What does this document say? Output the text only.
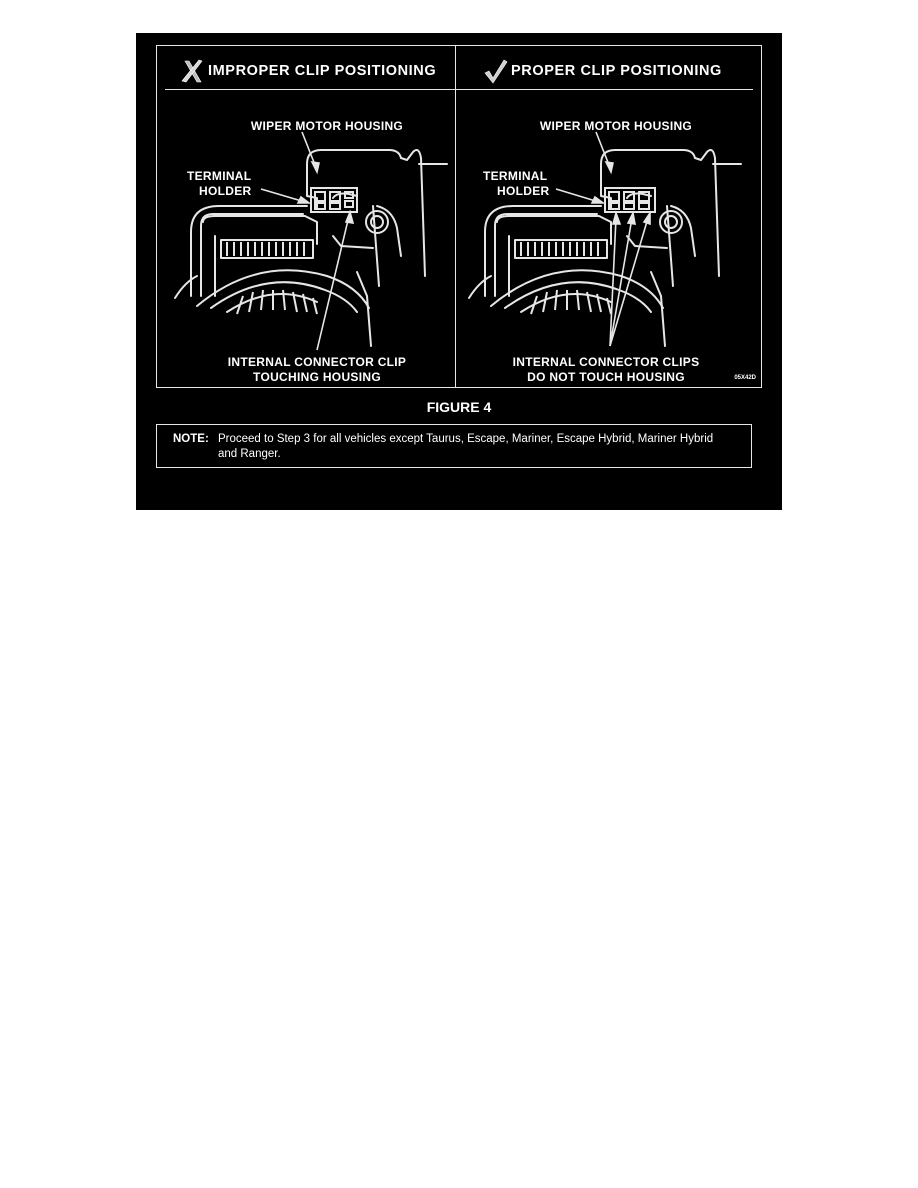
IMPROPER CLIP POSITIONING
WIPER MOTOR HOUSING
TERMINAL
HOLDER
INTERNAL CONNECTOR CLIP
TOUCHING HOUSING
PROPER CLIP POSITIONING
WIPER MOTOR HOUSING
TERMINAL
HOLDER
INTERNAL CONNECTOR CLIPS
DO NOT TOUCH HOUSING	05X42D
FIGURE 4
NOTE: Proceed to Step 3 for all vehicles except Taurus, Escape, Mariner, Escape Hybrid, Mariner Hybrid and Ranger.
